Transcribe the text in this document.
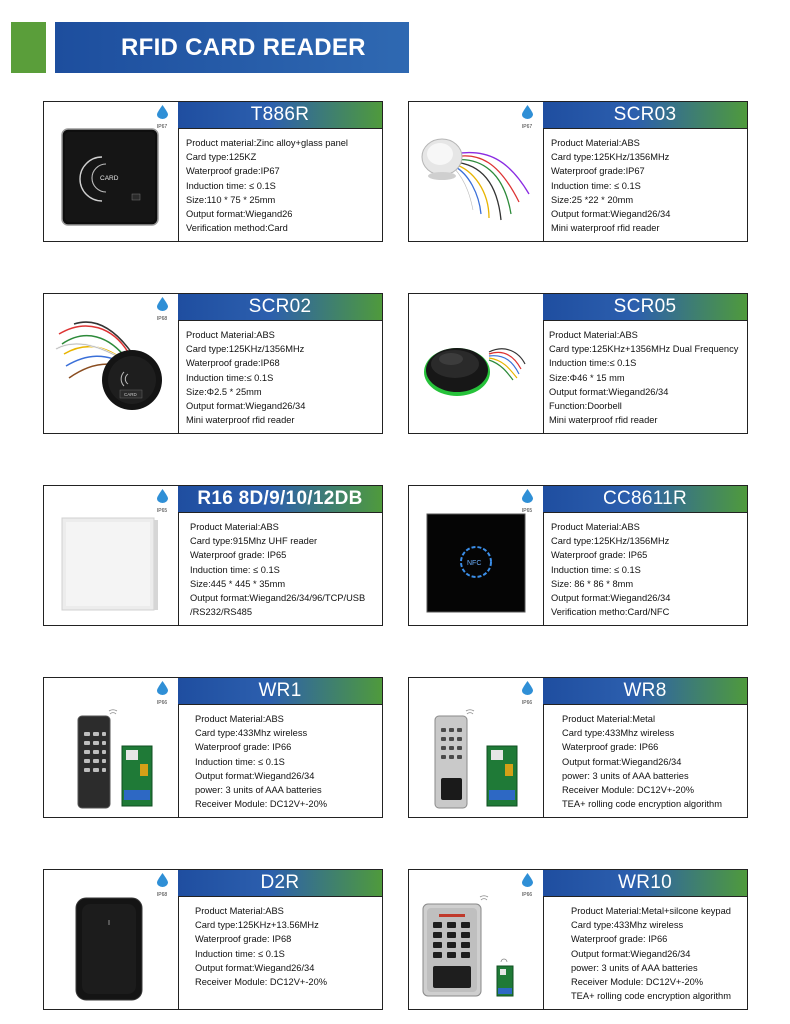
RFID CARD READER
CARD
IP67
T886R
Product material:Zinc alloy+glass panel
Card type:125KZ
Waterproof grade:IP67
Induction time: ≤ 0.1S
Size:110 * 75 * 25mm
Output format:Wiegand26
Verification method:Card
IP67
SCR03
Product Material:ABS
Card type:125KHz/1356MHz
Waterproof grade:IP67
Induction time: ≤ 0.1S
Size:25 *22 * 20mm
Output format:Wiegand26/34
Mini waterproof rfid reader
CARD
IP68
SCR02
Product Material:ABS
Card type:125KHz/1356MHz
Waterproof grade:IP68
Induction time:≤ 0.1S
Size:Φ2.5 * 25mm
Output format:Wiegand26/34
Mini waterproof rfid reader
SCR05
Product Material:ABS
Card type:125KHz+1356MHz Dual Frequency
Induction time:≤ 0.1S
Size:Φ46 * 15 mm
Output format:Wiegand26/34
Function:Doorbell
Mini waterproof rfid reader
IP65
R16 8D/9/10/12DB
Product Material:ABS
Card type:915Mhz UHF reader
Waterproof grade: IP65
Induction time: ≤ 0.1S
Size:445 * 445 * 35mm
Output format:Wiegand26/34/96/TCP/USB
/RS232/RS485
NFC
IP65
CC8611R
Product Material:ABS
Card type:125KHz/1356MHz
Waterproof grade: IP65
Induction time: ≤ 0.1S
Size: 86 * 86 * 8mm
Output format:Wiegand26/34
Verification metho:Card/NFC
IP66
WR1
Product Material:ABS
Card type:433Mhz wireless
Waterproof grade: IP66
Induction time: ≤ 0.1S
Output format:Wiegand26/34
power: 3 units of AAA batteries
Receiver Module: DC12V+-20%
IP66
WR8
Product Material:Metal
Card type:433Mhz wireless
Waterproof grade: IP66
Output format:Wiegand26/34
power: 3 units of AAA batteries
Receiver Module: DC12V+-20%
TEA+ rolling code encryption algorithm
IP68
D2R
Product Material:ABS
Card type:125KHz+13.56MHz
Waterproof grade: IP68
Induction time: ≤ 0.1S
Output format:Wiegand26/34
Receiver Module: DC12V+-20%
IP66
WR10
Product Material:Metal+silcone keypad
Card type:433Mhz wireless
Waterproof grade: IP66
Output format:Wiegand26/34
power: 3 units of AAA batteries
Receiver Module: DC12V+-20%
TEA+ rolling code encryption algorithm
